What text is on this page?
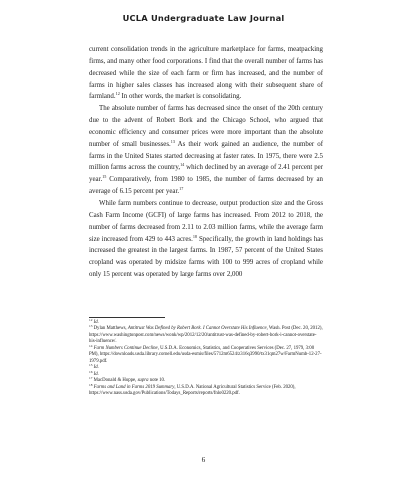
UCLA Undergraduate Law Journal

current consolidation trends in the agriculture marketplace for farms, meatpacking firms, and many other food corporations. I find that the overall number of farms has decreased while the size of each farm or firm has increased, and the number of farms in higher sales classes has increased along with their subsequent share of farmland.$^{12}$ In other words, the market is consolidating.

The absolute number of farms has decreased since the onset of the 20th century due to the advent of Robert Bork and the Chicago School, who argued that economic efficiency and consumer prices were more important than the absolute number of small businesses.$^{13}$ As their work gained an audience, the number of farms in the United States started decreasing at faster rates. In 1975, there were 2.5 million farms across the country,$^{14}$ which declined by an average of 2.41 percent per year.$^{15}$ Comparatively, from 1980 to 1985, the number of farms decreased by an average of 6.15 percent per year.$^{17}$

While farm numbers continue to decrease, output production size and the Gross Cash Farm Income (GCFI) of large farms has increased. From 2012 to 2018, the number of farms decreased from 2.11 to 2.03 million farms, while the average farm size increased from 429 to 443 acres.$^{18}$ Specifically, the growth in land holdings has increased the greatest in the largest farms. In 1987, 57 percent of the United States cropland was operated by midsize farms with 100 to 999 acres of cropland while only 15 percent was operated by large farms over 2,000

$^{12}$ Id.

$^{13}$ Dylan Matthews, Antitrust Was Defined by Robert Bork. I Cannot Overstate His Influence, Wash. Post (Dec. 20, 2012), https://www.washingtonpost.com/news/wonk/wp/2012/12/20/antitrust-was-defined-by-robert-bork-i-cannot-overstate-his-influence/.

$^{14}$ Farm Numbers Continue Decline, U.S.D.A. Economics, Statistics, and Cooperatives Services (Dec. 27, 1979, 3:00 PM), https://downloads.usda.library.cornell.edu/usda-esmis/files/5712m6524/z316q3990/tx31qm27w/FarmNumb-12-27-1979.pdf.

$^{15}$ Id.

$^{16}$ Id.

$^{17}$ MacDonald & Hoppe, supra note 10.

$^{18}$ Farms and Land in Farms 2019 Summary, U.S.D.A. National Agricultural Statistics Service (Feb. 2020), https://www.nass.usda.gov/Publications/Todays_Reports/reports/fnlo0220.pdf.

6
